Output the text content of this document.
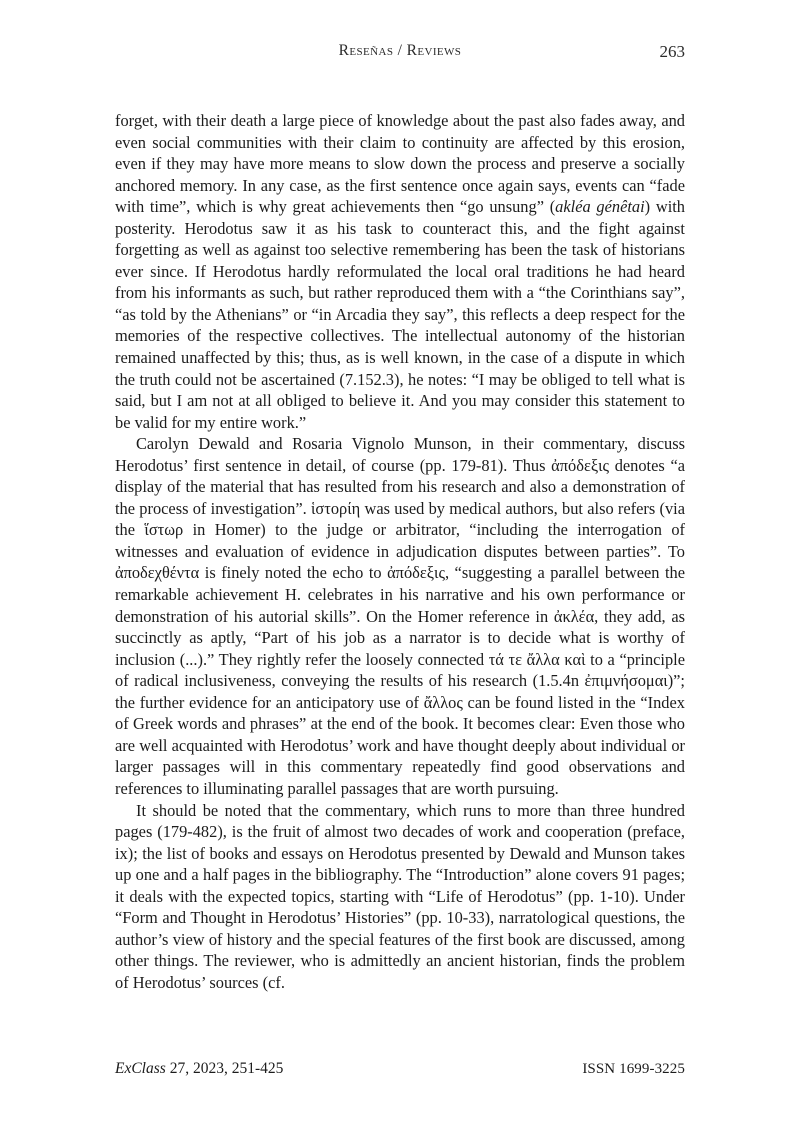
Reseñas / Reviews	263

forget, with their death a large piece of knowledge about the past also fades away, and even social communities with their claim to continuity are affected by this erosion, even if they may have more means to slow down the process and preserve a socially anchored memory. In any case, as the first sentence once again says, events can “fade with time”, which is why great achievements then “go unsung” (akléa génêtai) with posterity. Herodotus saw it as his task to counteract this, and the fight against forgetting as well as against too selective remembering has been the task of historians ever since. If Herodotus hardly reformulated the local oral traditions he had heard from his informants as such, but rather reproduced them with a “the Corinthians say”, “as told by the Athenians” or “in Arcadia they say”, this reflects a deep respect for the memories of the respective collectives. The intellectual autonomy of the historian remained unaffected by this; thus, as is well known, in the case of a dispute in which the truth could not be ascertained (7.152.3), he notes: “I may be obliged to tell what is said, but I am not at all obliged to believe it. And you may consider this statement to be valid for my entire work.”

Carolyn Dewald and Rosaria Vignolo Munson, in their commentary, discuss Herodotus’ first sentence in detail, of course (pp. 179-81). Thus ἀπόδεξις denotes “a display of the material that has resulted from his research and also a demonstration of the process of investigation”. ἱστορίη was used by medical authors, but also refers (via the ἵστωρ in Homer) to the judge or arbitrator, “including the interrogation of witnesses and evaluation of evidence in adjudication disputes between parties”. To ἀποδεχθέντα is finely noted the echo to ἀπόδεξις, “suggesting a parallel between the remarkable achievement H. celebrates in his narrative and his own performance or demonstration of his autorial skills”. On the Homer reference in ἀκλέα, they add, as succinctly as aptly, “Part of his job as a narrator is to decide what is worthy of inclusion (...).” They rightly refer the loosely connected τά τε ἄλλα καὶ to a “principle of radical inclusiveness, conveying the results of his research (1.5.4n ἐπιμνήσομαι)”; the further evidence for an anticipatory use of ἄλλος can be found listed in the “Index of Greek words and phrases” at the end of the book. It becomes clear: Even those who are well acquainted with Herodotus’ work and have thought deeply about individual or larger passages will in this commentary repeatedly find good observations and references to illuminating parallel passages that are worth pursuing.

It should be noted that the commentary, which runs to more than three hundred pages (179-482), is the fruit of almost two decades of work and cooperation (preface, ix); the list of books and essays on Herodotus presented by Dewald and Munson takes up one and a half pages in the bibliography. The “Introduction” alone covers 91 pages; it deals with the expected topics, starting with “Life of Herodotus” (pp. 1-10). Under “Form and Thought in Herodotus’ Histories” (pp. 10-33), narratological questions, the author’s view of history and the special features of the first book are discussed, among other things. The reviewer, who is admittedly an ancient historian, finds the problem of Herodotus’ sources (cf.

ExClass 27, 2023, 251-425	ISSN 1699-3225
